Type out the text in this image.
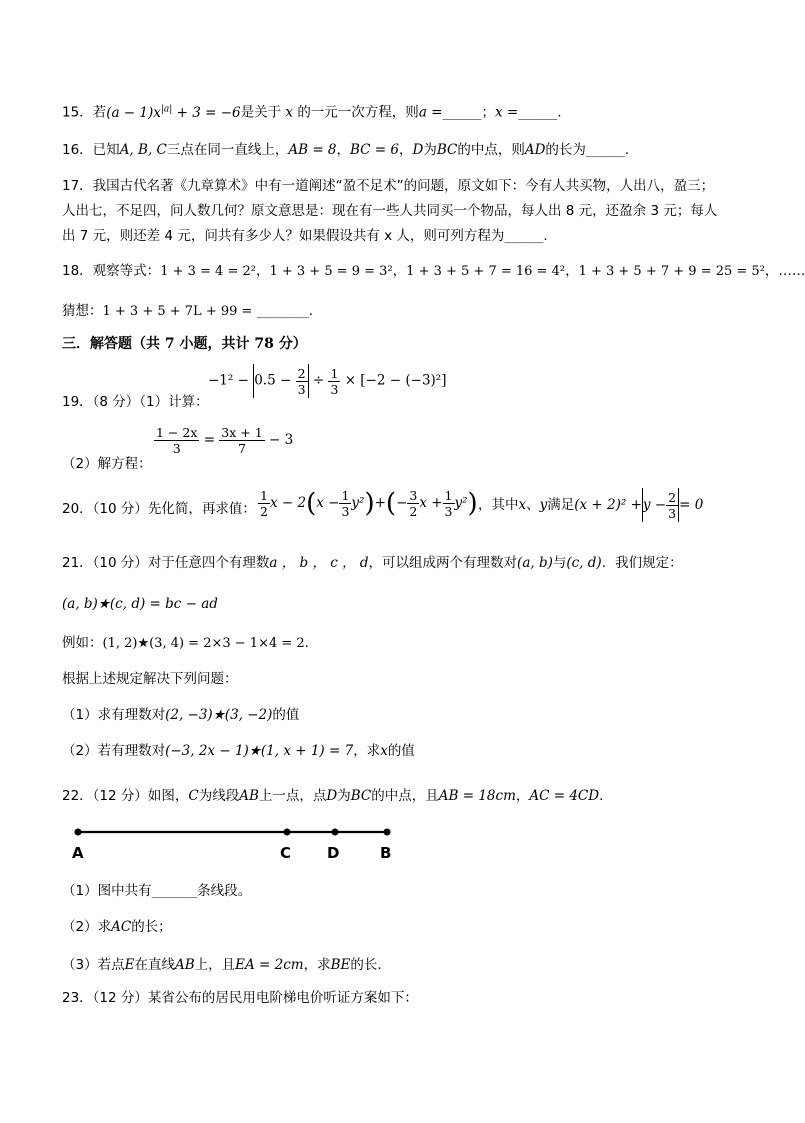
15．若$(a - 1)x^{|a|} + 3 = -6$是关于 x 的一元一次方程，则a =______；x =______.
16．已知A, B, C三点在同一直线上，AB = 8，BC = 6，D为BC的中点，则AD的长为______.
17．我国古代名著《九章算术》中有一道阐述“盈不足术”的问题，原文如下：今有人共买物，人出八，盈三；
人出七，不足四，问人数几何？原文意思是：现在有一些人共同买一个物品，每人出 8 元，还盈余 3 元；每人
出 7 元，则还差 4 元，问共有多少人？如果假设共有 x 人，则可列方程为______.
18．观察等式：1 + 3 = 4 = 2²，1 + 3 + 5 = 9 = 3²，1 + 3 + 5 + 7 = 16 = 4²，1 + 3 + 5 + 7 + 9 = 25 = 5²，……
猜想：1 + 3 + 5 + 7L + 99 = ________.
三．解答题（共 7 小题，共计 78 分）
$-1^2 - 0.5 - \frac{2}{3} \div \frac{1}{3} \times [-2 - (-3)^2]$
19．（8 分）（1）计算：
$\frac{1 - 2x}{3} = \frac{3x + 1}{7} - 3$
（2）解方程：
20．（10 分）先化简，再求值： $\frac{1}{2}$ $x - 2(x - \frac{1}{3} y^2)+(- \frac{3}{2}$ $x + \frac{1}{3} y^2$) ，其中x、y满足$(x + 2)^2 +y - \frac{2}{3} = 0$
21．（10 分）对于任意四个有理数a ， b ， c ， d，可以组成两个有理数对(a, b)与(c, d)．我们规定：
(a, b)★(c, d) = bc − ad
例如：(1, 2)★(3, 4) = 2×3 − 1×4 = 2.
根据上述规定解决下列问题：
（1）求有理数对(2, −3)★(3, −2)的值
（2）若有理数对(−3, 2x − 1)★(1, x + 1) = 7，求x的值
22．（12 分）如图，C为线段AB上一点，点D为BC的中点，且AB = 18cm，AC = 4CD.
A	C D	B
（1）图中共有_______条线段。
（2）求AC的长；
（3）若点E在直线AB上，且EA = 2cm，求BE的长.
23．（12 分）某省公布的居民用电阶梯电价听证方案如下：
